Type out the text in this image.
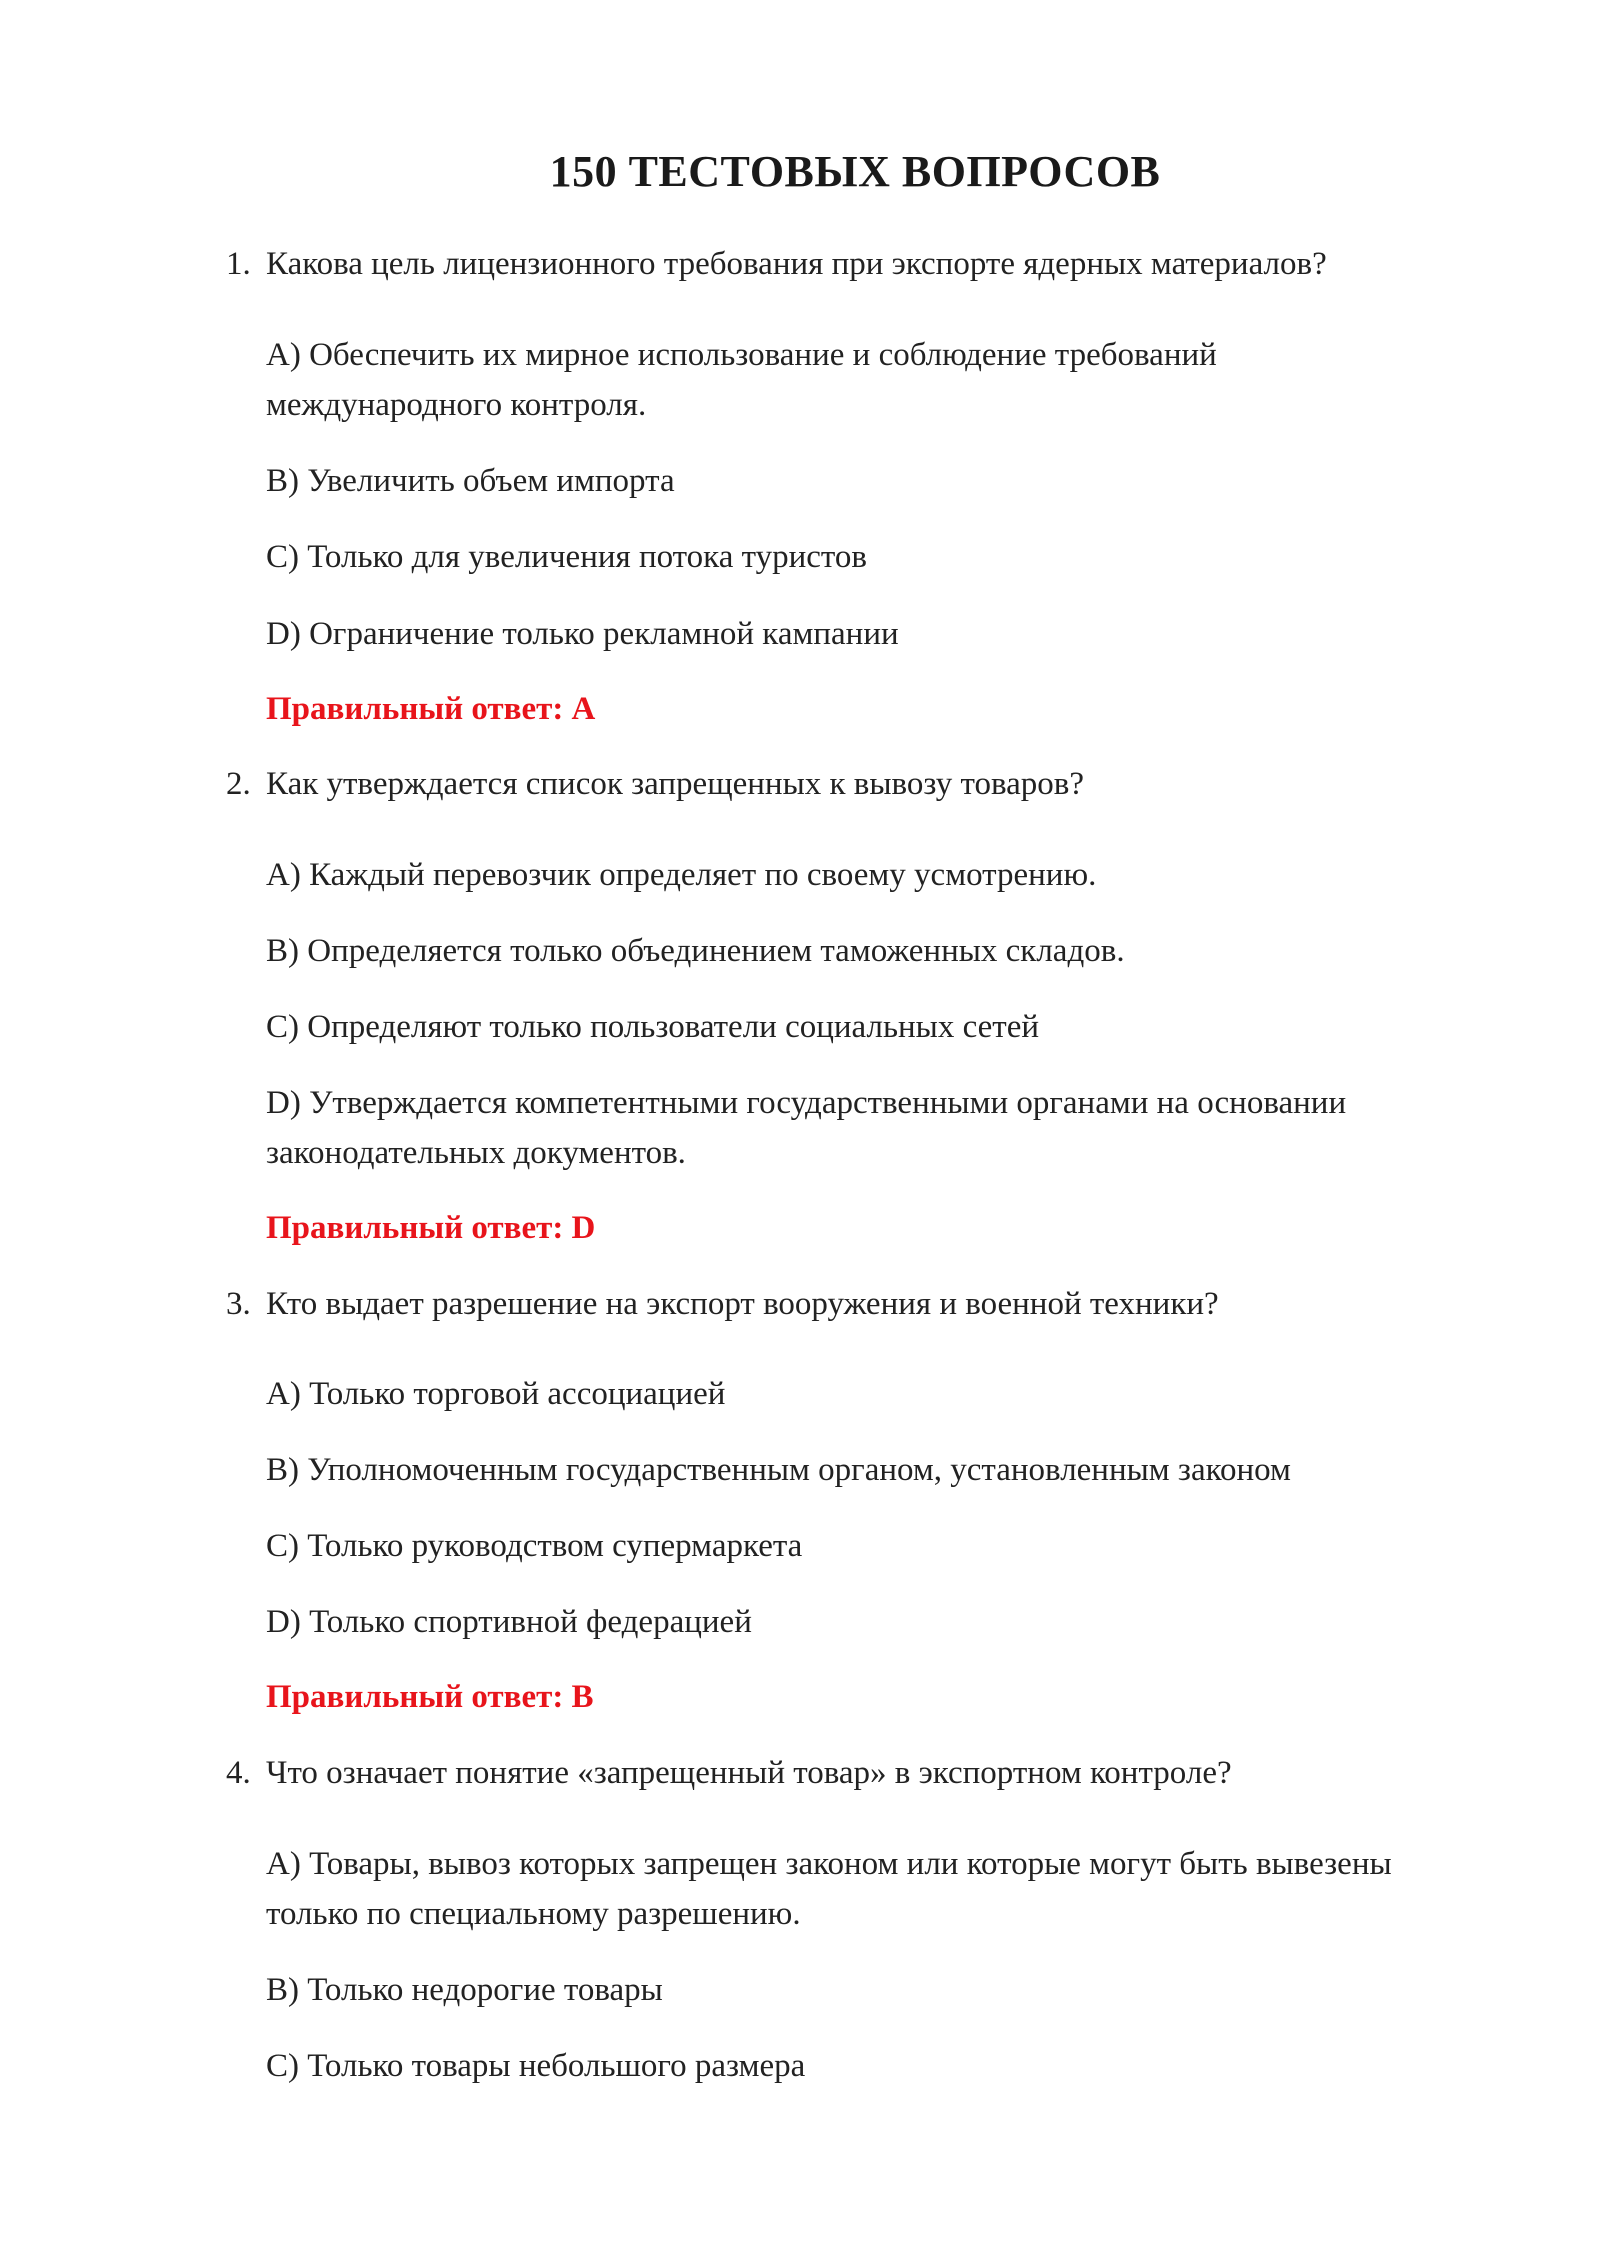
150 ТЕСТОВЫХ ВОПРОСОВ
1. Какова цель лицензионного требования при экспорте ядерных материалов?
A) Обеспечить их мирное использование и соблюдение требований международного контроля.
B) Увеличить объем импорта
C) Только для увеличения потока туристов
D) Ограничение только рекламной кампании
Правильный ответ: A
2. Как утверждается список запрещенных к вывозу товаров?
A) Каждый перевозчик определяет по своему усмотрению.
B) Определяется только объединением таможенных складов.
C) Определяют только пользователи социальных сетей
D) Утверждается компетентными государственными органами на основании законодательных документов.
Правильный ответ: D
3. Кто выдает разрешение на экспорт вооружения и военной техники?
A) Только торговой ассоциацией
B) Уполномоченным государственным органом, установленным законом
C) Только руководством супермаркета
D) Только спортивной федерацией
Правильный ответ: B
4. Что означает понятие «запрещенный товар» в экспортном контроле?
A) Товары, вывоз которых запрещен законом или которые могут быть вывезены только по специальному разрешению.
B) Только недорогие товары
C) Только товары небольшого размера
